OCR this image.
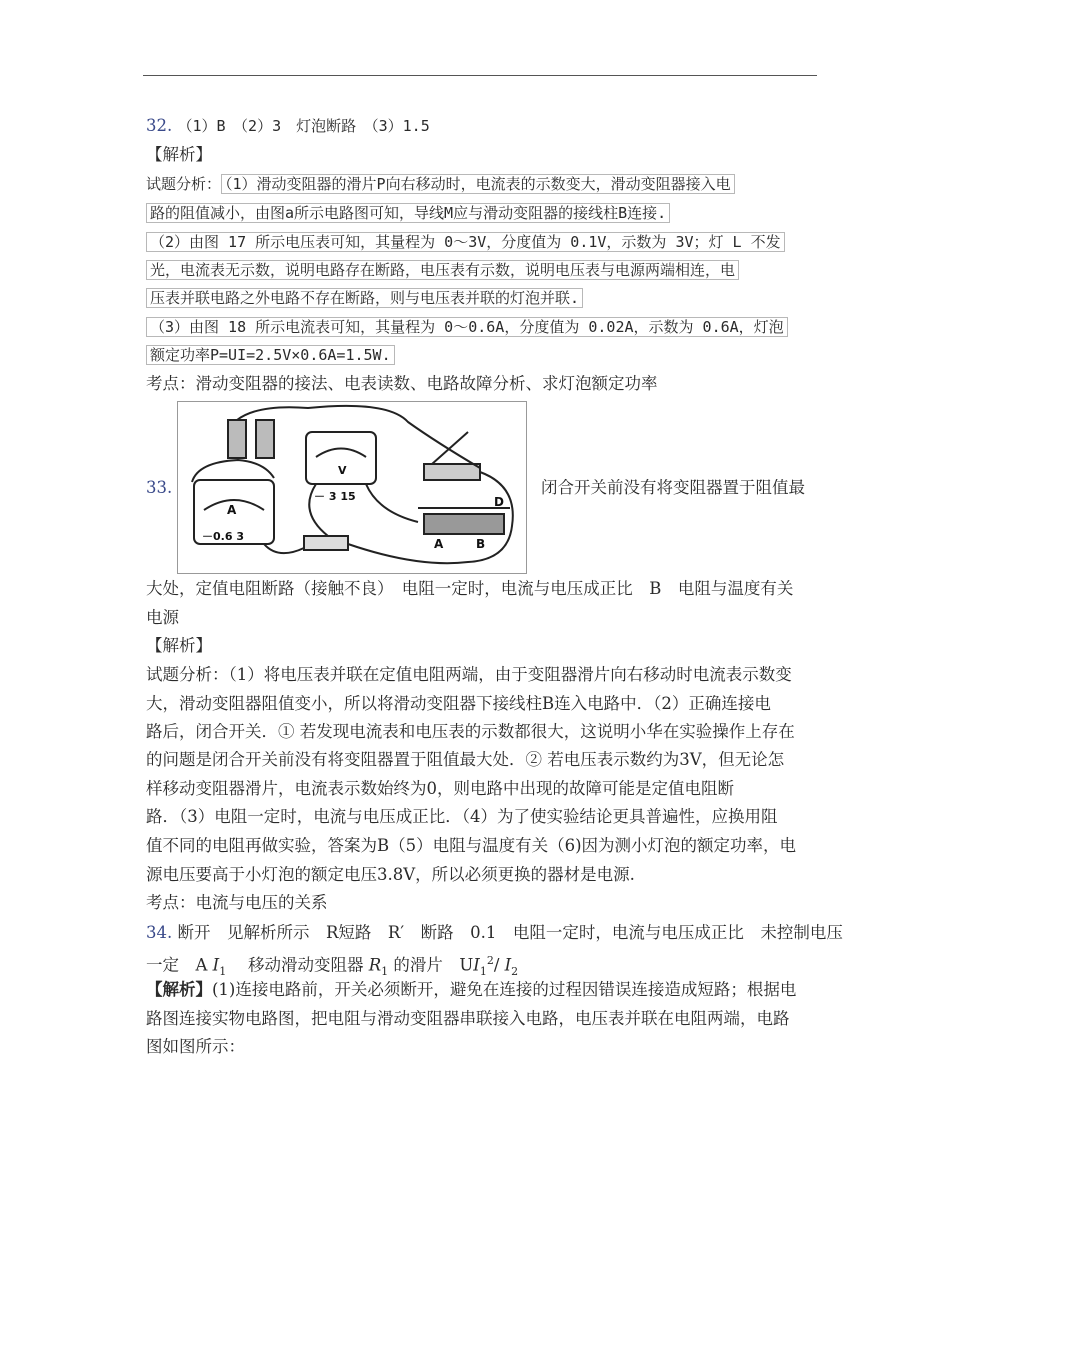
32. （1）B　（2）3　灯泡断路　（3）1.5
【解析】
试题分析： （1）滑动变阻器的滑片P向右移动时，电流表的示数变大，滑动变阻器接入电
路的阻值减小，由图a所示电路图可知，导线M应与滑动变阻器的接线柱B连接.
（2）由图 17 所示电压表可知，其量程为 0～3V，分度值为 0.1V，示数为 3V；灯 L 不发
光，电流表无示数，说明电路存在断路，电压表有示数，说明电压表与电源两端相连，电
压表并联电路之外电路不存在断路，则与电压表并联的灯泡并联.
（3）由图 18 所示电流表可知，其量程为 0～0.6A，分度值为 0.02A，示数为 0.6A，灯泡
额定功率P=UI=2.5V×0.6A=1.5W.
考点：滑动变阻器的接法、电表读数、电路故障分析、求灯泡额定功率
33.
V
－ 3 15
A
－0.6 3
A	B
D
闭合开关前没有将变阻器置于阻值最
大处，定值电阻断路（接触不良）　电阻一定时，电流与电压成正比　B　电阻与温度有关
电源
【解析】
试题分析：（1）将电压表并联在定值电阻两端，由于变阻器滑片向右移动时电流表示数变
大，滑动变阻器阻值变小，所以将滑动变阻器下接线柱B连入电路中．（2）正确连接电
路后，闭合开关．① 若发现电流表和电压表的示数都很大，这说明小华在实验操作上存在
的问题是闭合开关前没有将变阻器置于阻值最大处．② 若电压表示数约为3V，但无论怎
样移动变阻器滑片，电流表示数始终为0，则电路中出现的故障可能是定值电阻断
路．（3）电阻一定时，电流与电压成正比．（4）为了使实验结论更具普遍性，应换用阻
值不同的电阻再做实验，答案为B（5）电阻与温度有关（6)因为测小灯泡的额定功率，电
源电压要高于小灯泡的额定电压3.8V，所以必须更换的器材是电源.
考点：电流与电压的关系
34. 断开　见解析所示　R短路　R′　断路　0.1　电阻一定时，电流与电压成正比　未控制电压
一定　A $I_1$ 　移动滑动变阻器 $R_1$ 的滑片　$UI_1^2/$ $I_2$
【解析】(1)连接电路前，开关必须断开，避免在连接的过程因错误连接造成短路；根据电
路图连接实物电路图，把电阻与滑动变阻器串联接入电路，电压表并联在电阻两端，电路
图如图所示：
